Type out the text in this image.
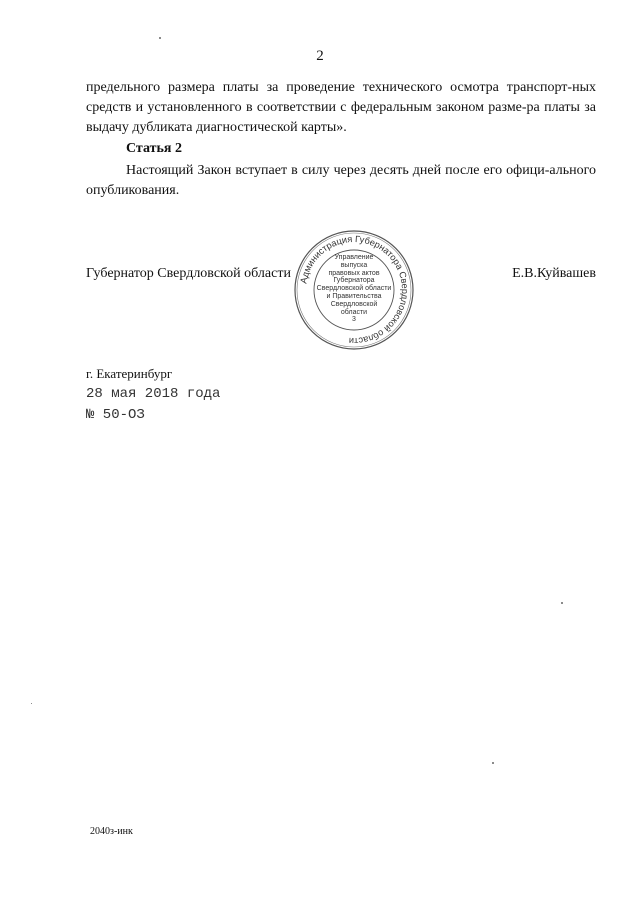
2
предельного размера платы за проведение технического осмотра транспорт-ных средств и установленного в соответствии с федеральным законом разме-ра платы за выдачу дубликата диагностической карты».
Статья 2
Настоящий Закон вступает в силу через десять дней после его офици-ального опубликования.
Губернатор Свердловской области Администрация Губернатора Свердловской области
Управление
выпуска
правовых актов
Губернатора
Свердловской области
и Правительства
Свердловской
области
3
Е.В.Куйвашев
г. Екатеринбург
28 мая 2018 года
№ 50-ОЗ
2040з-инк
